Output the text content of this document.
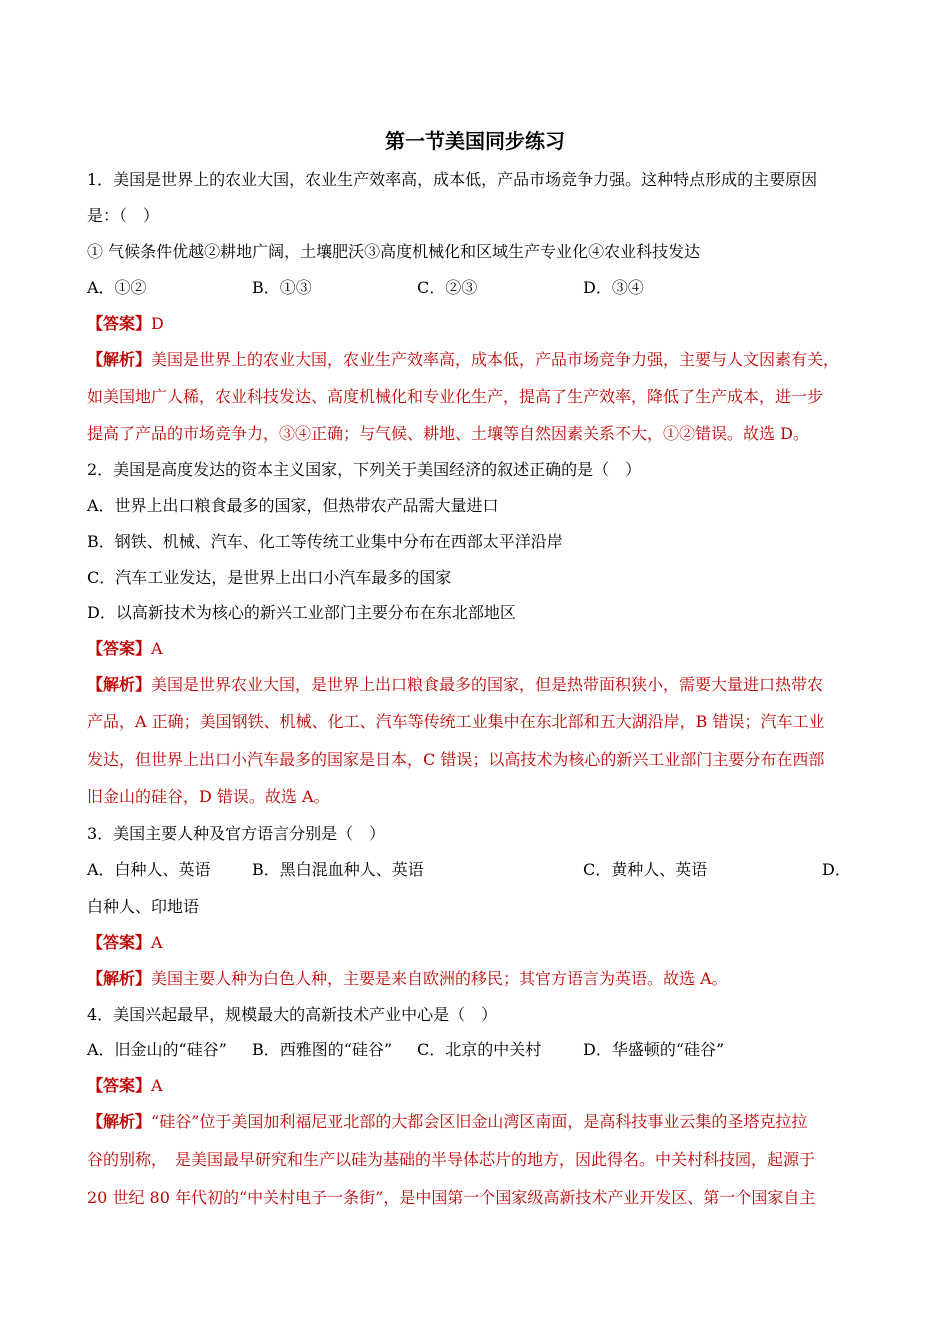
第一节美国同步练习
1．美国是世界上的农业大国，农业生产效率高，成本低，产品市场竞争力强。这种特点形成的主要原因
是：（　）
① 气候条件优越②耕地广阔，土壤肥沃③高度机械化和区域生产专业化④农业科技发达
A．①②	B．①③	C．②③	D．③④
【答案】D
【解析】美国是世界上的农业大国，农业生产效率高，成本低，产品市场竞争力强，主要与人文因素有关，
如美国地广人稀，农业科技发达、高度机械化和专业化生产，提高了生产效率，降低了生产成本，进一步
提高了产品的市场竞争力，③④正确；与气候、耕地、土壤等自然因素关系不大，①②错误。故选 D。
2．美国是高度发达的资本主义国家，下列关于美国经济的叙述正确的是（　）
A．世界上出口粮食最多的国家，但热带农产品需大量进口
B．钢铁、机械、汽车、化工等传统工业集中分布在西部太平洋沿岸
C．汽车工业发达，是世界上出口小汽车最多的国家
D．以高新技术为核心的新兴工业部门主要分布在东北部地区
【答案】A
【解析】美国是世界农业大国，是世界上出口粮食最多的国家，但是热带面积狭小，需要大量进口热带农
产品，A 正确；美国钢铁、机械、化工、汽车等传统工业集中在东北部和五大湖沿岸，B 错误；汽车工业
发达，但世界上出口小汽车最多的国家是日本，C 错误；以高技术为核心的新兴工业部门主要分布在西部
旧金山的硅谷，D 错误。故选 A。
3．美国主要人种及官方语言分别是（　）
A．白种人、英语	B．黑白混血种人、英语	C．黄种人、英语	D．
白种人、印地语
【答案】A
【解析】美国主要人种为白色人种，主要是来自欧洲的移民；其官方语言为英语。故选 A。
4．美国兴起最早，规模最大的高新技术产业中心是（　）
A．旧金山的“硅谷” B．西雅图的“硅谷” C．北京的中关村	D．华盛顿的“硅谷”
【答案】A
【解析】“硅谷”位于美国加利福尼亚北部的大都会区旧金山湾区南面，是高科技事业云集的圣塔克拉拉
谷的别称，　是美国最早研究和生产以硅为基础的半导体芯片的地方，因此得名。中关村科技园，起源于
20 世纪 80 年代初的“中关村电子一条街”，是中国第一个国家级高新技术产业开发区、第一个国家自主
